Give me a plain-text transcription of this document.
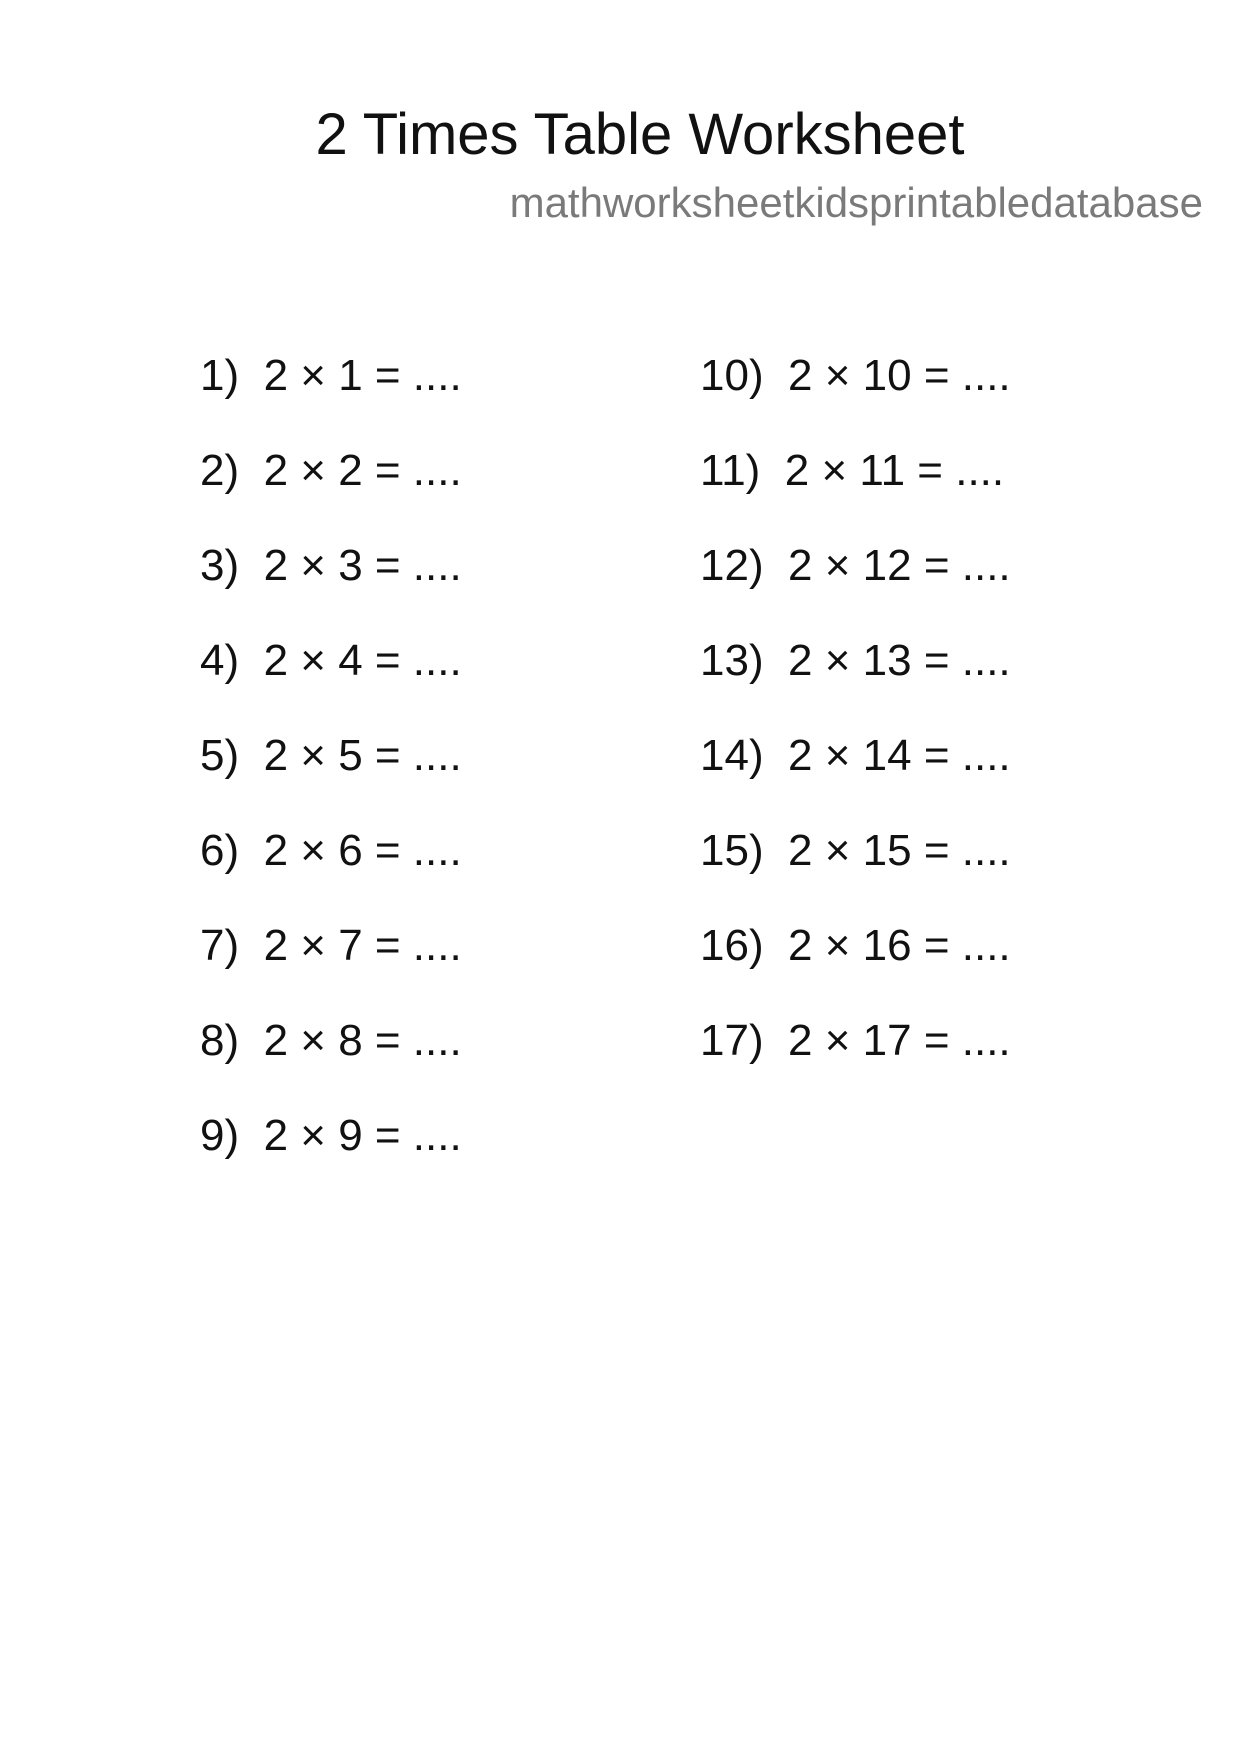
2 Times Table Worksheet

mathworksheetkidsprintabledatabase

1)  2 × 1 = ....
2)  2 × 2 = ....
3)  2 × 3 = ....
4)  2 × 4 = ....
5)  2 × 5 = ....
6)  2 × 6 = ....
7)  2 × 7 = ....
8)  2 × 8 = ....
9)  2 × 9 = ....
10)  2 × 10 = ....
11)  2 × 11 = ....
12)  2 × 12 = ....
13)  2 × 13 = ....
14)  2 × 14 = ....
15)  2 × 15 = ....
16)  2 × 16 = ....
17)  2 × 17 = ....
